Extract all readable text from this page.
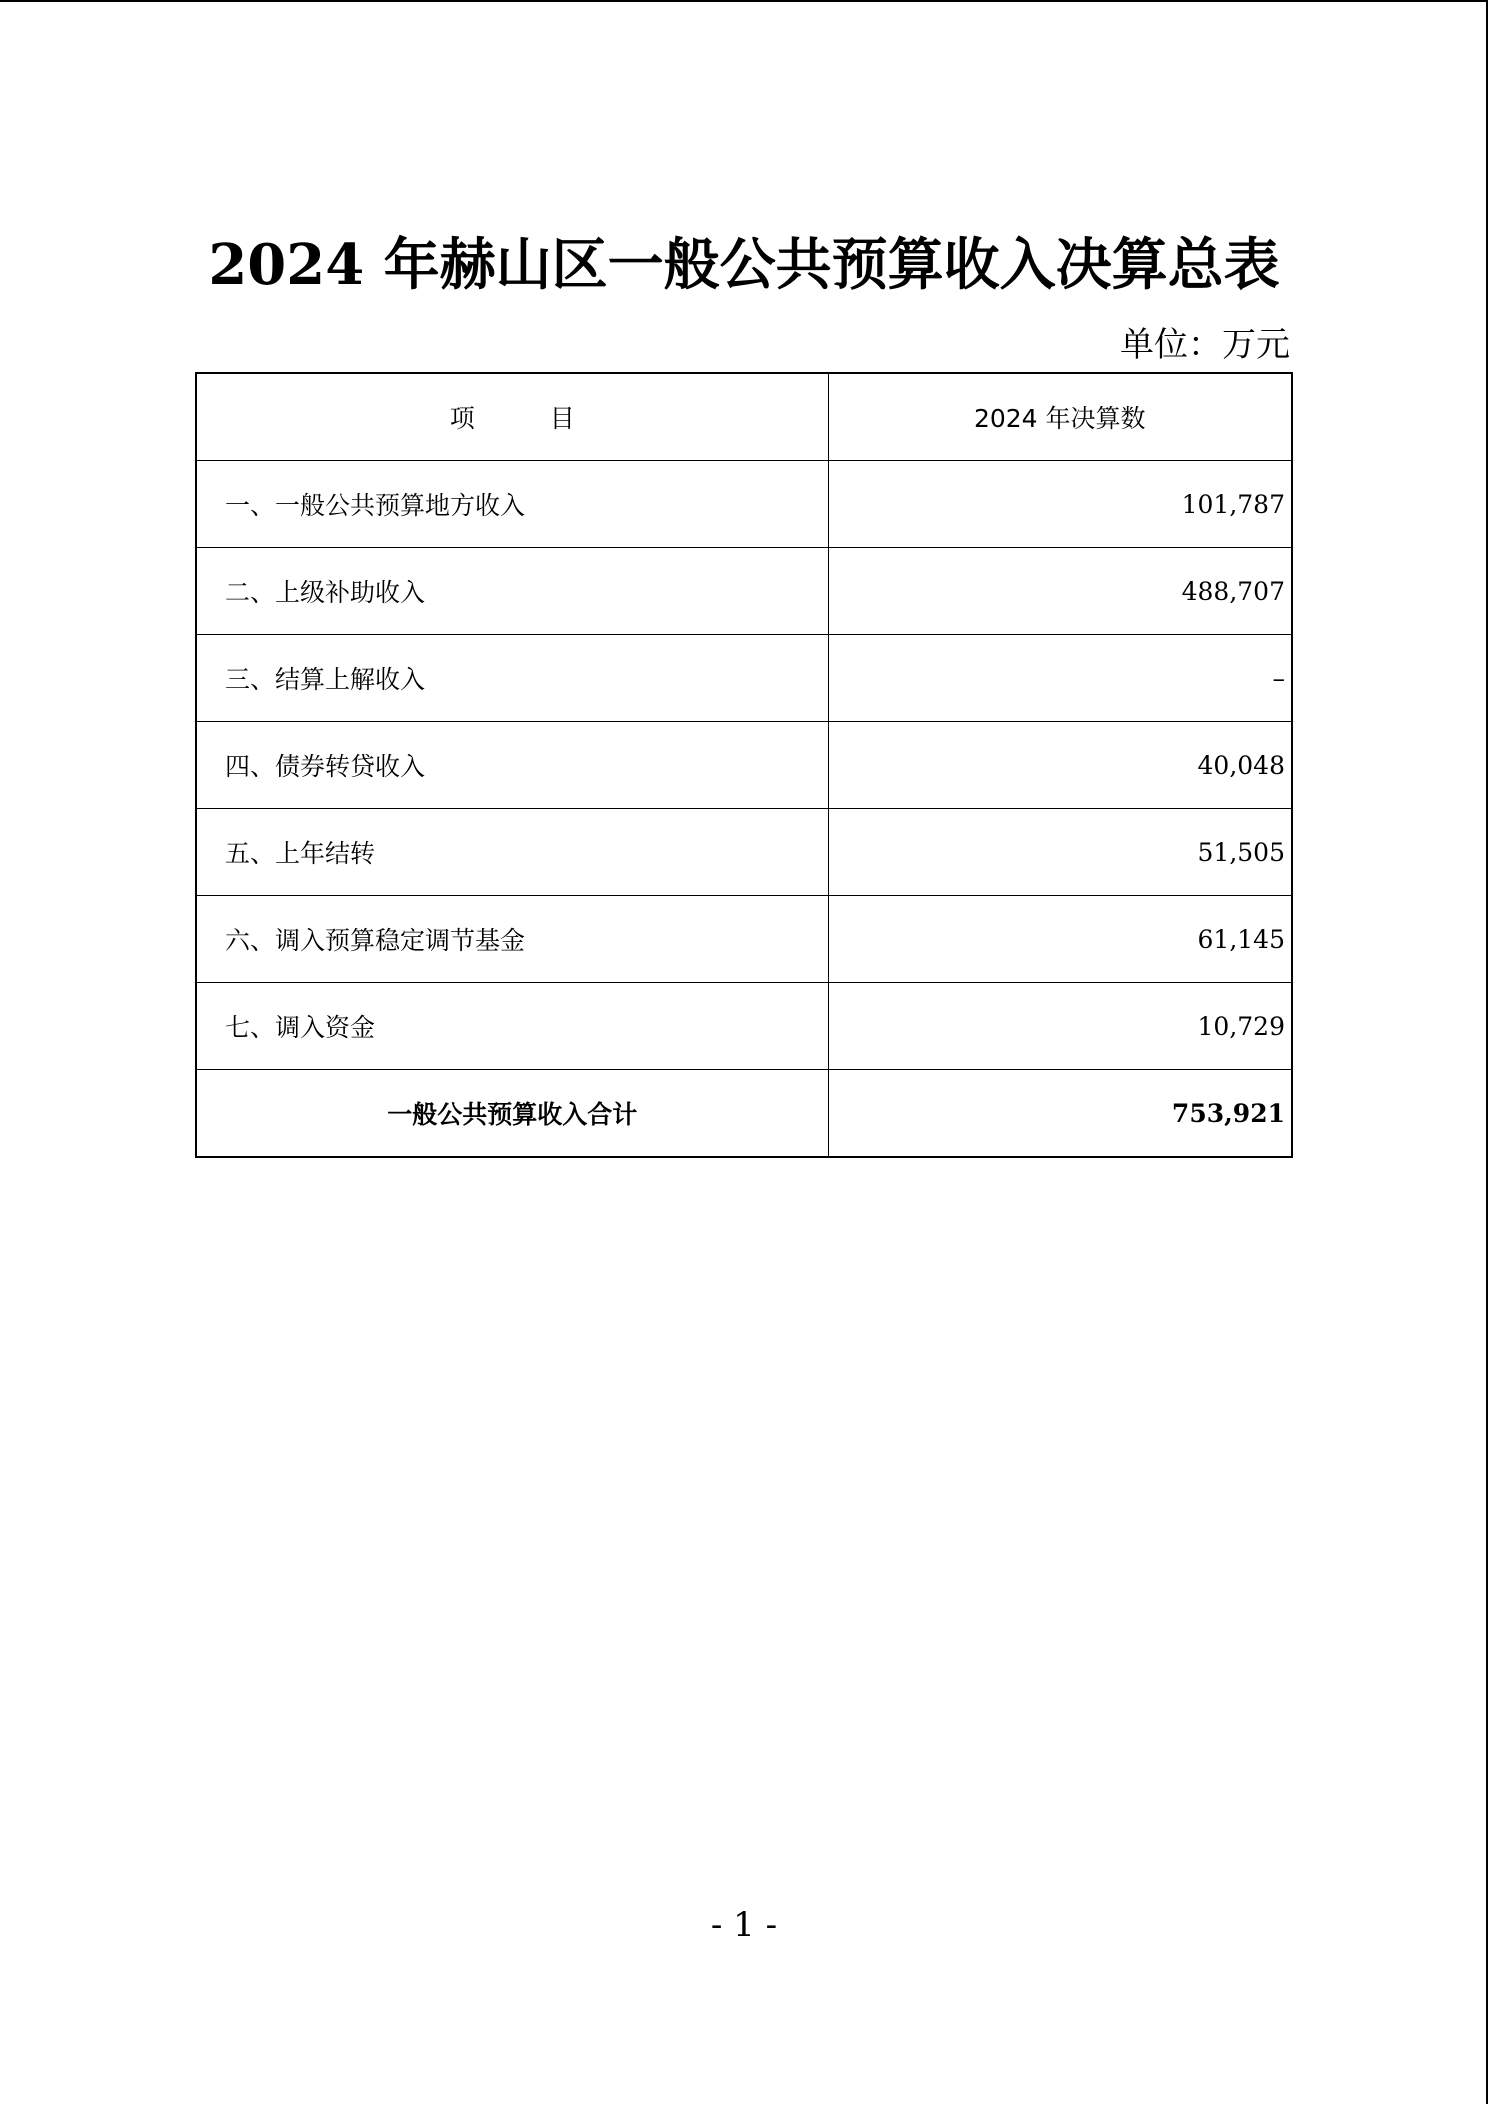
2024 年赫山区一般公共预算收入决算总表
单位：万元
项　　　目	2024 年决算数
一、一般公共预算地方收入	101,787
二、上级补助收入	488,707
三、结算上解收入	–
四、债券转贷收入	40,048
五、上年结转	51,505
六、调入预算稳定调节基金	61,145
七、调入资金	10,729
一般公共预算收入合计	753,921
- 1 -
